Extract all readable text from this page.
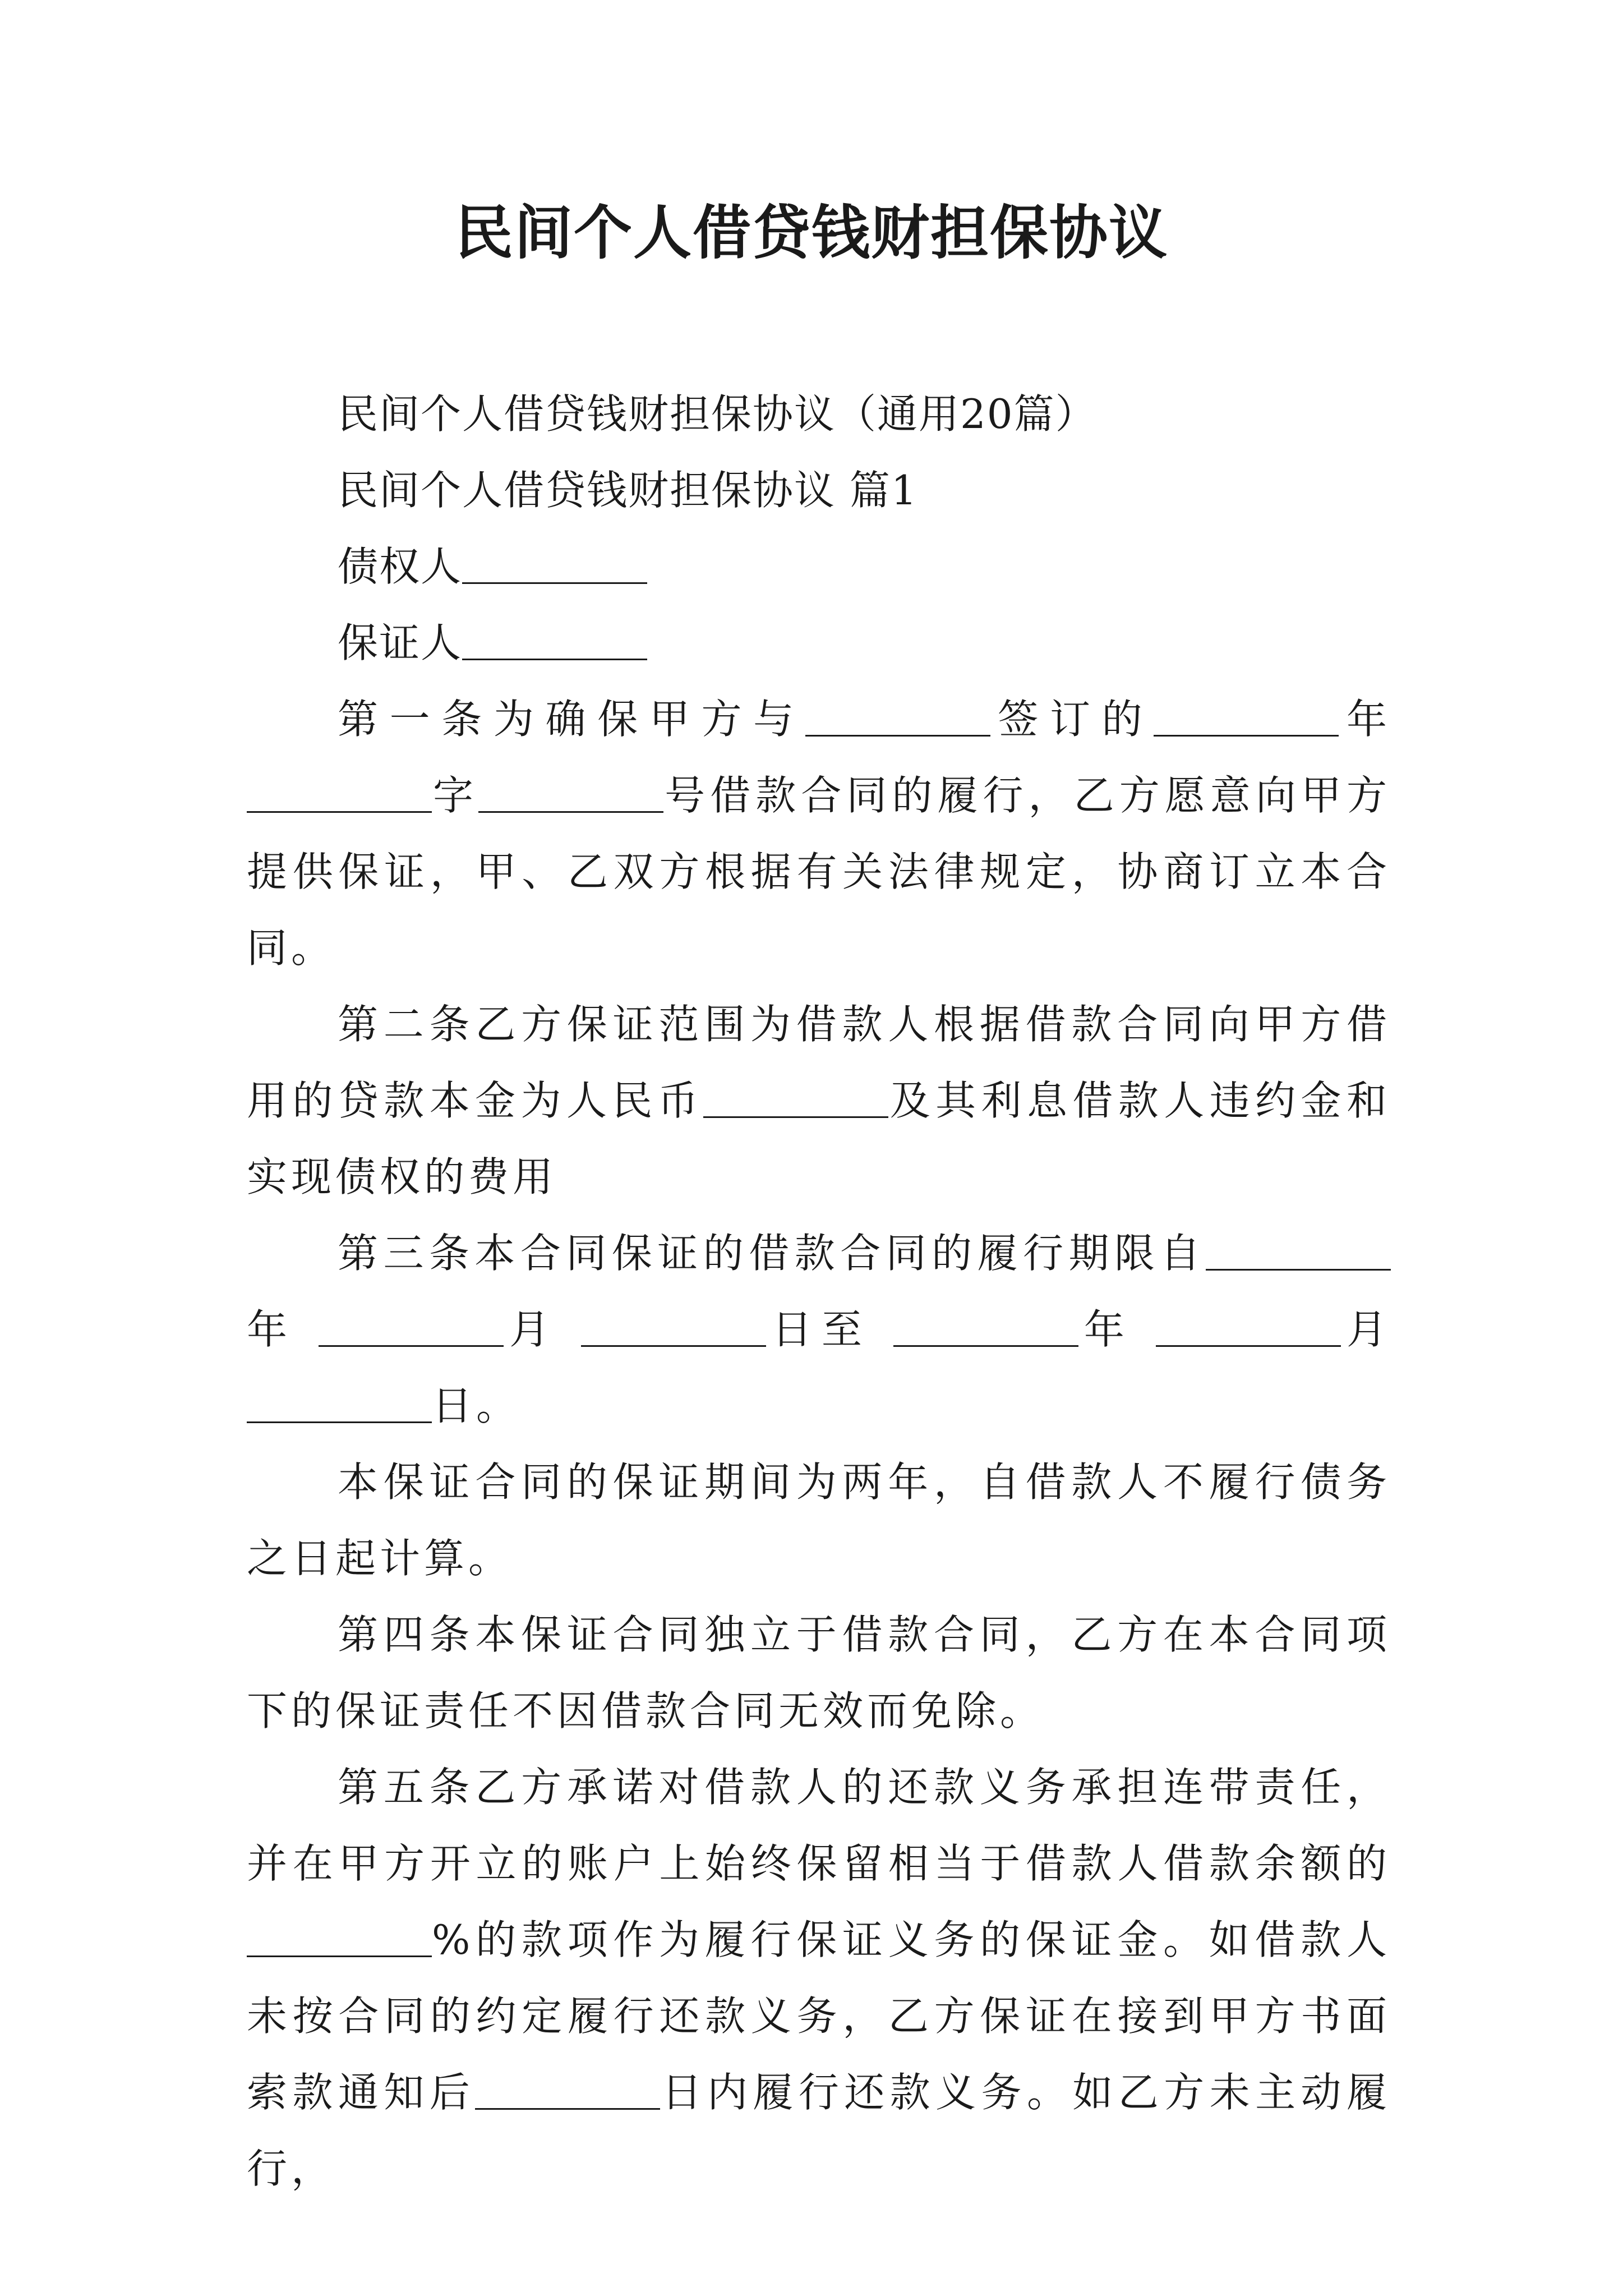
民间个人借贷钱财担保协议

民间个人借贷钱财担保协议（通用20篇）

民间个人借贷钱财担保协议 篇1

债权人

保证人

第一条为确保甲方与	签订的	年 字	号借款合同的履行，乙方愿意向甲方提供保证，甲、乙双方根据有关法律规定，协商订立本合同。

第二条乙方保证范围为借款人根据借款合同向甲方借用的贷款本金为人民币	及其利息借款人违约金和实现债权的费用

第三条本合同保证的借款合同的履行期限自年	月	日至	年	月 日。

本保证合同的保证期间为两年，自借款人不履行债务之日起计算。

第四条本保证合同独立于借款合同，乙方在本合同项下的保证责任不因借款合同无效而免除。

第五条乙方承诺对借款人的还款义务承担连带责任，并在甲方开立的账户上始终保留相当于借款人借款余额的%的款项作为履行保证义务的保证金。如借款人未按合同的约定履行还款义务，乙方保证在接到甲方书面索款通知后	日内履行还款义务。如乙方未主动履行，
